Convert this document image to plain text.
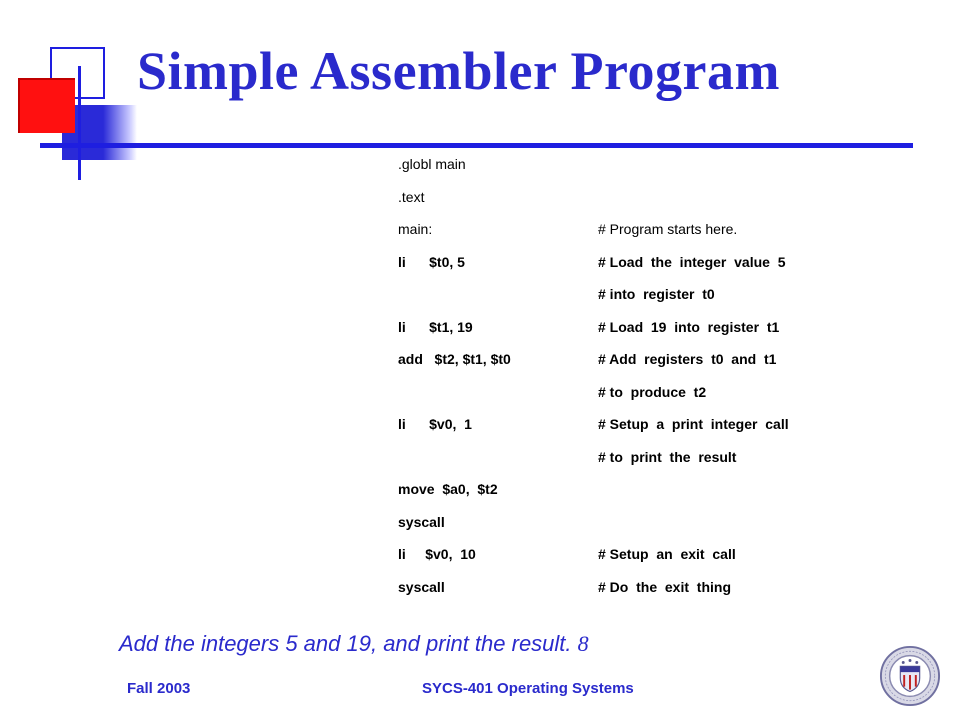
Simple Assembler Program
.globl main
.text
main:	# Program starts here.
li      $t0, 5	# Load  the  integer  value  5
# into  register  t0
li      $t1, 19	# Load  19  into  register  t1
add   $t2, $t1, $t0	# Add  registers  t0  and  t1
# to  produce  t2
li      $v0,  1	# Setup  a  print  integer  call
# to  print  the  result
move  $a0,  $t2
syscall
li     $v0,  10	# Setup  an  exit  call
syscall	# Do  the  exit  thing

Add the integers 5 and 19, and print the result. 8

Fall 2003	SYCS-401 Operating Systems
